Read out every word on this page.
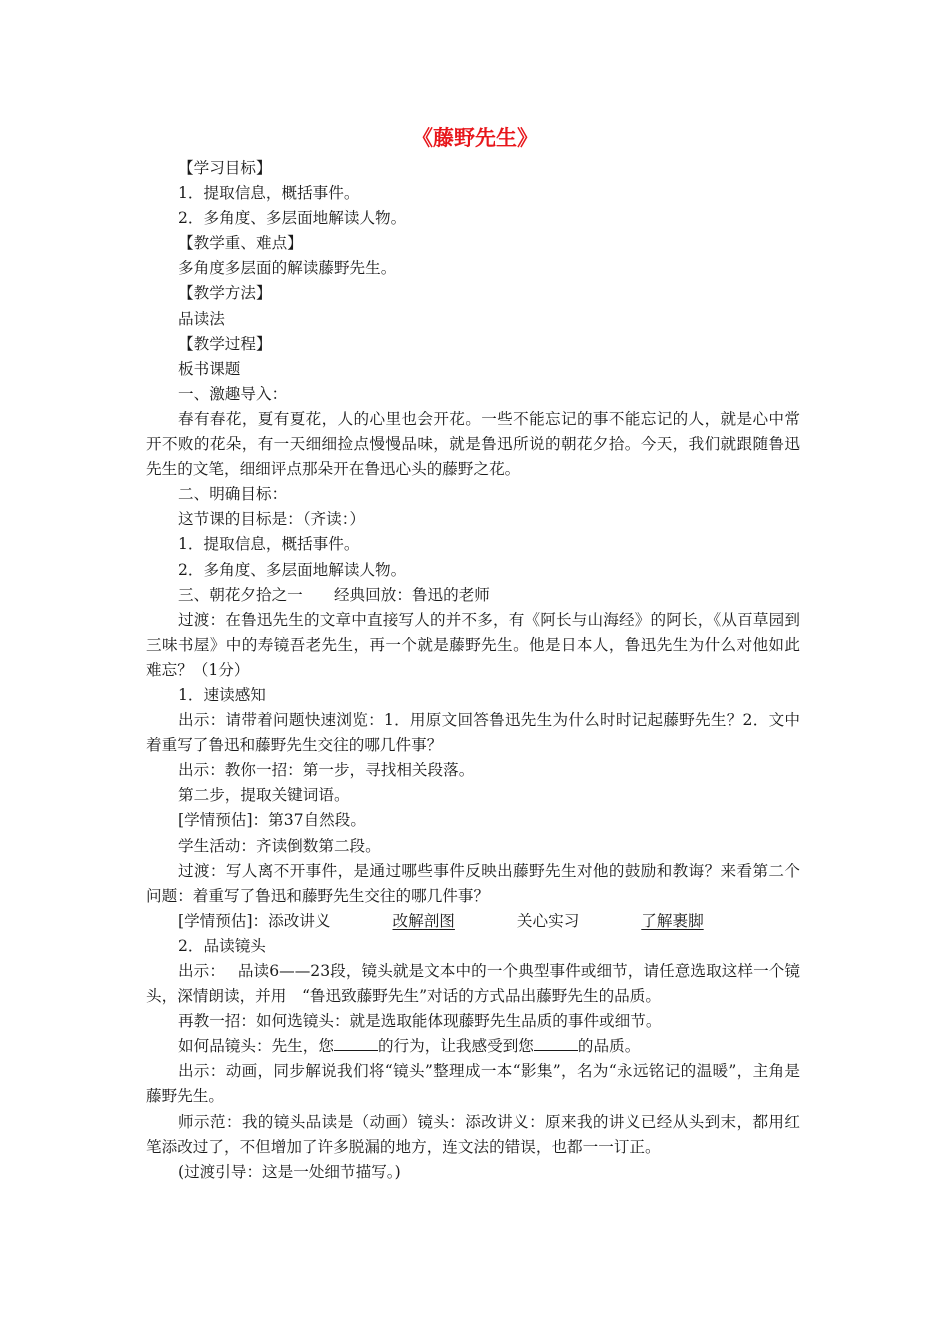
《藤野先生》

【学习目标】

1．提取信息，概括事件。

2．多角度、多层面地解读人物。

【教学重、难点】

多角度多层面的解读藤野先生。

【教学方法】

品读法

【教学过程】

板书课题

一、激趣导入：

春有春花，夏有夏花，人的心里也会开花。一些不能忘记的事不能忘记的人，就是心中常开不败的花朵，有一天细细捡点慢慢品味，就是鲁迅所说的朝花夕拾。今天，我们就跟随鲁迅先生的文笔，细细评点那朵开在鲁迅心头的藤野之花。

二、明确目标：

这节课的目标是：（齐读：）

1．提取信息，概括事件。

2．多角度、多层面地解读人物。

三、朝花夕拾之一　　经典回放：鲁迅的老师

过渡：在鲁迅先生的文章中直接写人的并不多，有《阿长与山海经》的阿长，《从百草园到三味书屋》中的寿镜吾老先生，再一个就是藤野先生。他是日本人，鲁迅先生为什么对他如此难忘？（1分）

1．速读感知

出示：请带着问题快速浏览：1．用原文回答鲁迅先生为什么时时记起藤野先生？2．文中着重写了鲁迅和藤野先生交往的哪几件事？

出示：教你一招：第一步，寻找相关段落。

第二步，提取关键词语。

[学情预估]：第37自然段。

学生活动：齐读倒数第二段。

过渡：写人离不开事件，是通过哪些事件反映出藤野先生对他的鼓励和教诲？来看第二个问题：着重写了鲁迅和藤野先生交往的哪几件事？

[学情预估]：添改讲义	改解剖图	关心实习	了解裹脚

2．品读镜头

出示：　 品读6——23段，镜头就是文本中的一个典型事件或细节，请任意选取这样一个镜头，深情朗读，并用　“鲁迅致藤野先生”对话的方式品出藤野先生的品质。

再教一招：如何选镜头：就是选取能体现藤野先生品质的事件或细节。

如何品镜头：先生，您	的行为，让我感受到您	的品质。

出示：动画，同步解说我们将“镜头”整理成一本“影集”，名为“永远铭记的温暖”，主角是藤野先生。

师示范：我的镜头品读是（动画）镜头：添改讲义：原来我的讲义已经从头到末，都用红笔添改过了，不但增加了许多脱漏的地方，连文法的错误，也都一一订正。

(过渡引导：这是一处细节描写。)
